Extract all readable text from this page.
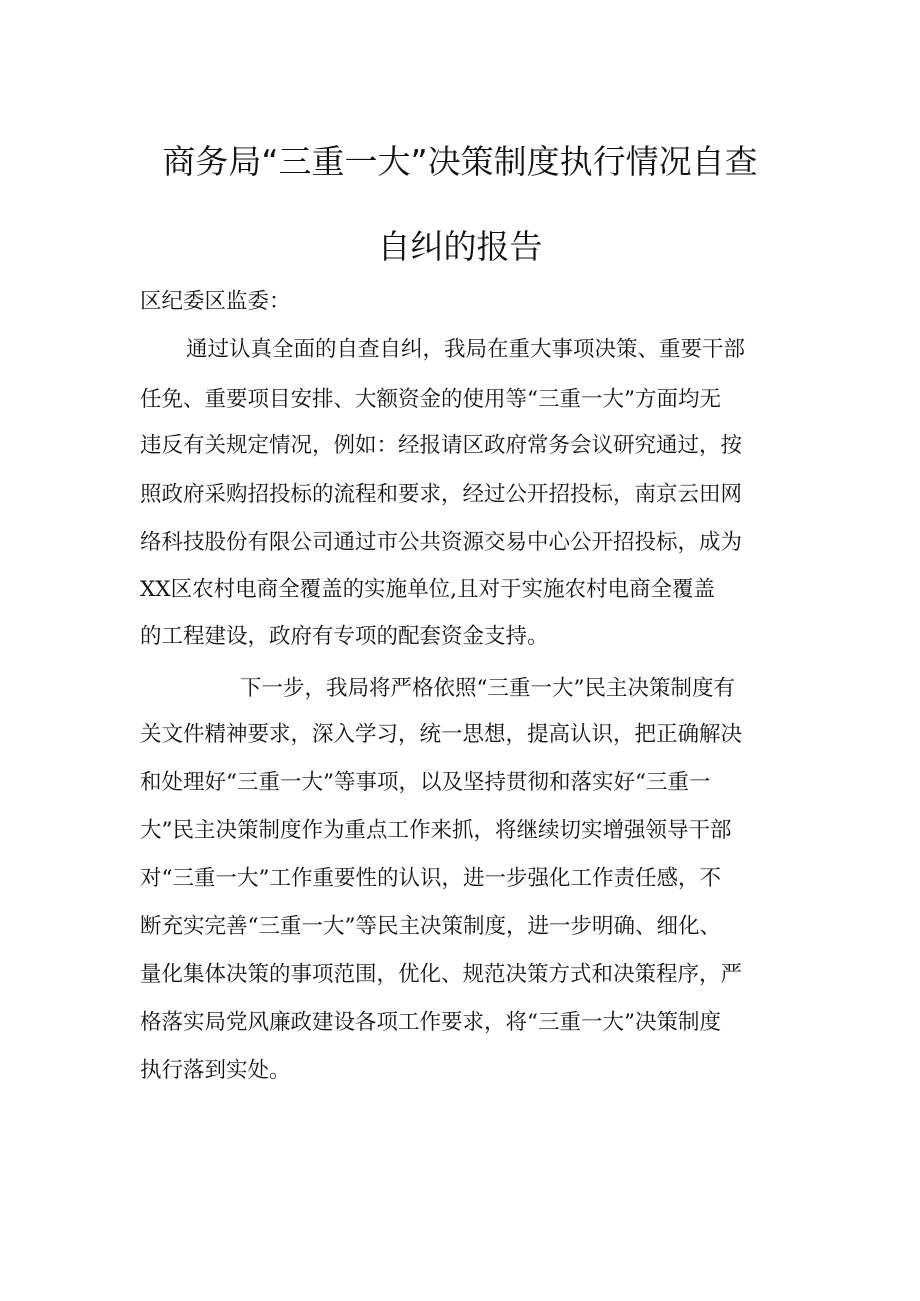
商务局“三重一大”决策制度执行情况自查
自纠的报告
区纪委区监委：
通过认真全面的自查自纠，我局在重大事项决策、重要干部
任免、重要项目安排、大额资金的使用等“三重一大”方面均无
违反有关规定情况，例如：经报请区政府常务会议研究通过，按
照政府采购招投标的流程和要求，经过公开招投标，南京云田网
络科技股份有限公司通过市公共资源交易中心公开招投标，成为
XX区农村电商全覆盖的实施单位,且对于实施农村电商全覆盖
的工程建设，政府有专项的配套资金支持。
下一步，我局将严格依照“三重一大”民主决策制度有
关文件精神要求，深入学习，统一思想，提高认识，把正确解决
和处理好“三重一大”等事项，以及坚持贯彻和落实好“三重一
大”民主决策制度作为重点工作来抓，将继续切实增强领导干部
对“三重一大”工作重要性的认识，进一步强化工作责任感，不
断充实完善“三重一大”等民主决策制度，进一步明确、细化、
量化集体决策的事项范围，优化、规范决策方式和决策程序，严
格落实局党风廉政建设各项工作要求，将“三重一大”决策制度
执行落到实处。
